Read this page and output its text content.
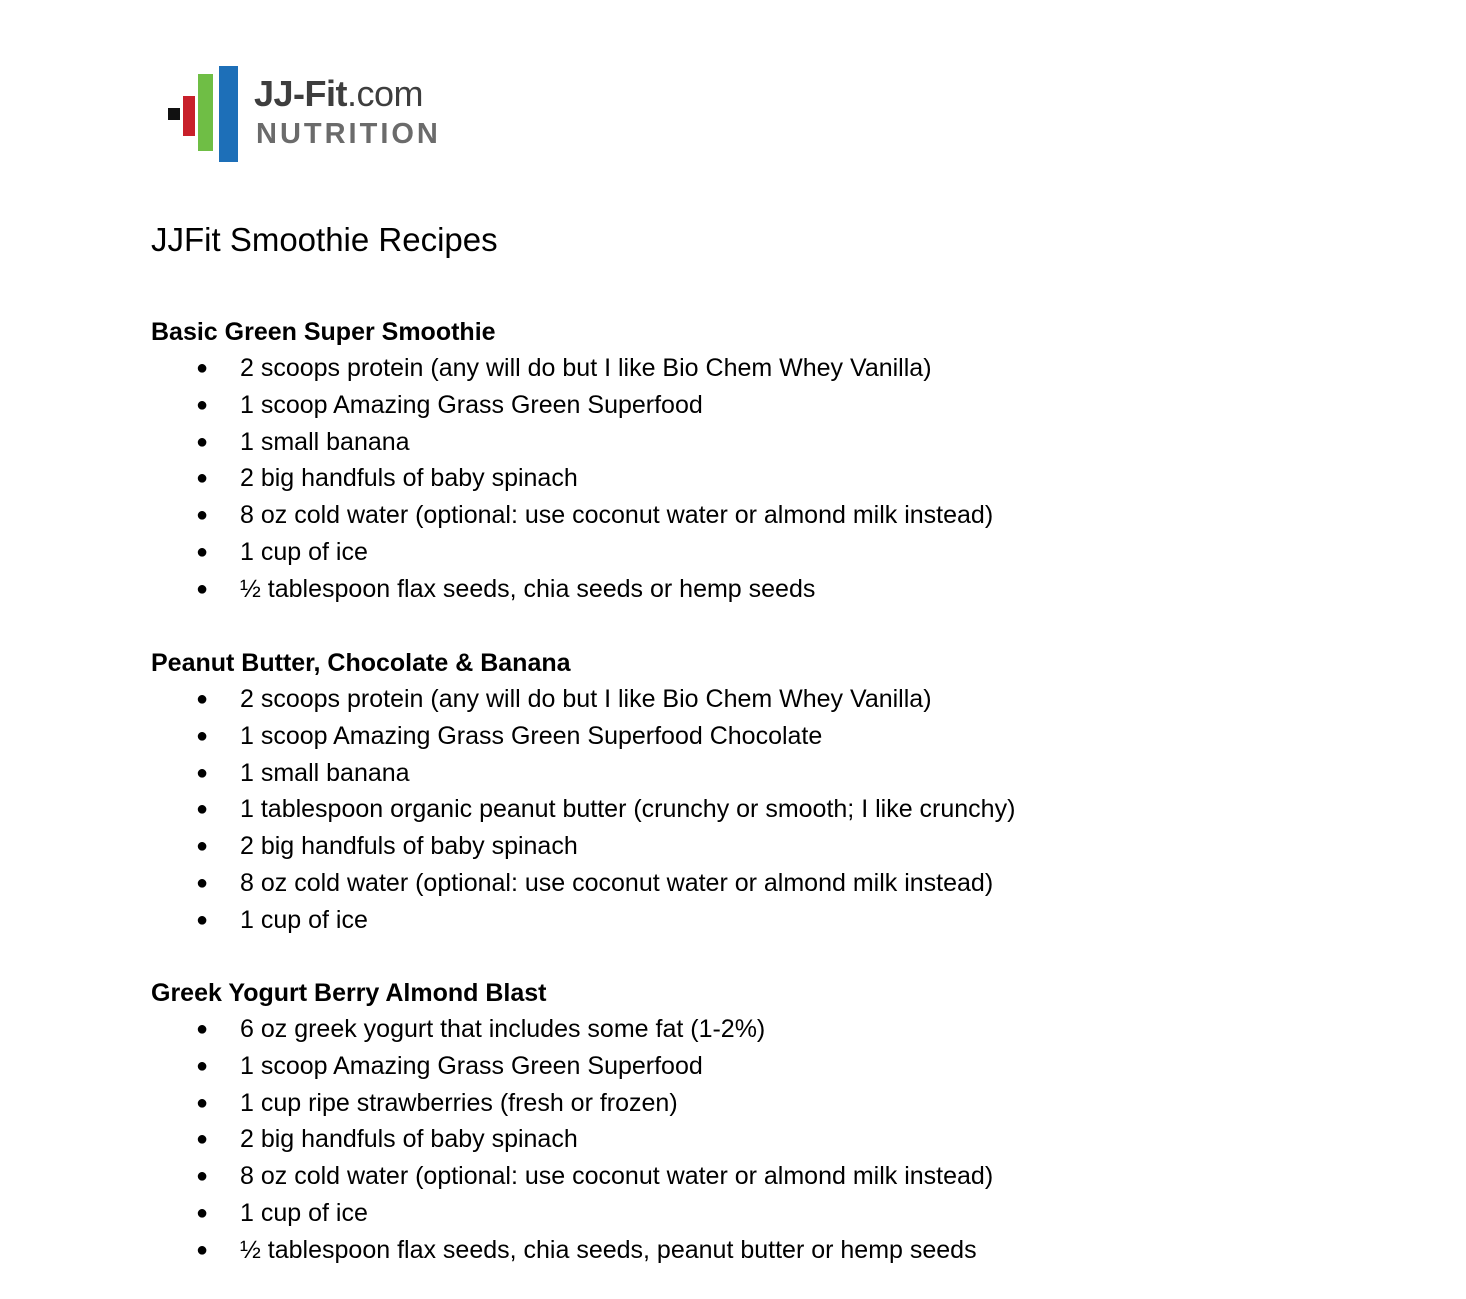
JJ-Fit.com
NUTRITION
JJFit Smoothie Recipes
Basic Green Super Smoothie
● 2 scoops protein (any will do but I like Bio Chem Whey Vanilla)
● 1 scoop Amazing Grass Green Superfood
● 1 small banana
● 2 big handfuls of baby spinach
● 8 oz cold water (optional: use coconut water or almond milk instead)
● 1 cup of ice
● ½ tablespoon flax seeds, chia seeds or hemp seeds
Peanut Butter, Chocolate & Banana
● 2 scoops protein (any will do but I like Bio Chem Whey Vanilla)
● 1 scoop Amazing Grass Green Superfood Chocolate
● 1 small banana
● 1 tablespoon organic peanut butter (crunchy or smooth; I like crunchy)
● 2 big handfuls of baby spinach
● 8 oz cold water (optional: use coconut water or almond milk instead)
● 1 cup of ice
Greek Yogurt Berry Almond Blast
● 6 oz greek yogurt that includes some fat (1-2%)
● 1 scoop Amazing Grass Green Superfood
● 1 cup ripe strawberries (fresh or frozen)
● 2 big handfuls of baby spinach
● 8 oz cold water (optional: use coconut water or almond milk instead)
● 1 cup of ice
● ½ tablespoon flax seeds, chia seeds, peanut butter or hemp seeds
